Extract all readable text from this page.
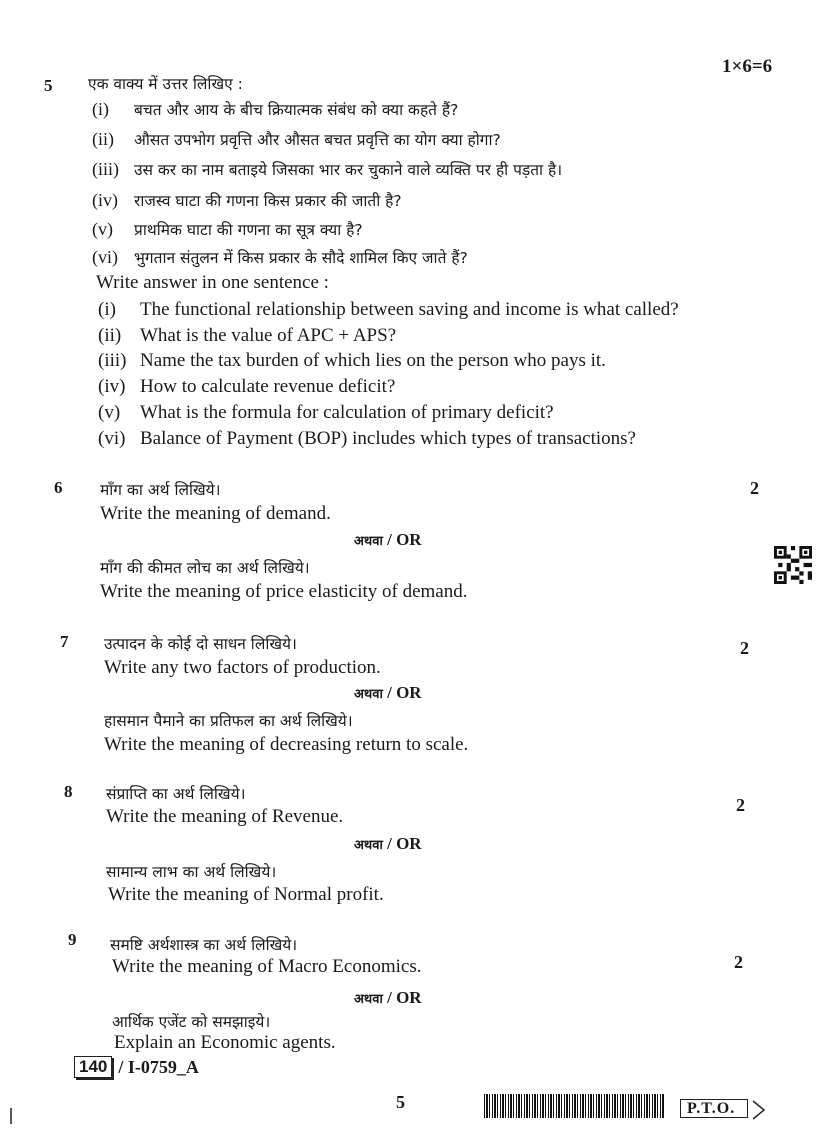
1×6=6
5 एक वाक्य में उत्तर लिखिए :
(i) बचत और आय के बीच क्रियात्मक संबंध को क्या कहते हैं?
(ii) औसत उपभोग प्रवृत्ति और औसत बचत प्रवृत्ति का योग क्या होगा?
(iii) उस कर का नाम बताइये जिसका भार कर चुकाने वाले व्यक्ति पर ही पड़ता है।
(iv) राजस्व घाटा की गणना किस प्रकार की जाती है?
(v) प्राथमिक घाटा की गणना का सूत्र क्या है?
(vi) भुगतान संतुलन में किस प्रकार के सौदे शामिल किए जाते हैं?
Write answer in one sentence :
(i) The functional relationship between saving and income is what called?
(ii) What is the value of APC + APS?
(iii) Name the tax burden of which lies on the person who pays it.
(iv) How to calculate revenue deficit?
(v) What is the formula for calculation of primary deficit?
(vi) Balance of Payment (BOP) includes which types of transactions?
6	2
माँग का अर्थ लिखिये।
Write the meaning of demand.
अथवा / OR
माँग की कीमत लोच का अर्थ लिखिये।
Write the meaning of price elasticity of demand.
7	2
उत्पादन के कोई दो साधन लिखिये।
Write any two factors of production.
अथवा / OR
हासमान पैमाने का प्रतिफल का अर्थ लिखिये।
Write the meaning of decreasing return to scale.
8
2
संप्राप्ति का अर्थ लिखिये।
Write the meaning of Revenue.
अथवा / OR
सामान्य लाभ का अर्थ लिखिये।
Write the meaning of Normal profit.
9
2
समष्टि अर्थशास्त्र का अर्थ लिखिये।
Write the meaning of Macro Economics.
अथवा / OR
आर्थिक एजेंट को समझाइये।
Explain an Economic agents.
140 / I-0759_A
5	P.T.O.
